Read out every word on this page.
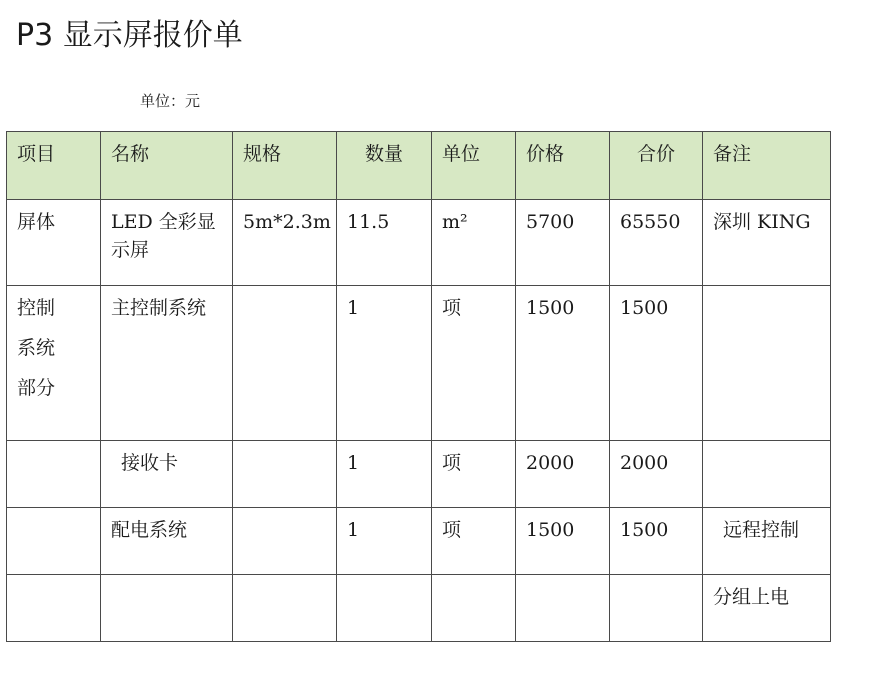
P3 显示屏报价单
单位：元
项目	名称	规格	数量	单位	价格	合价	备注
屏体	LED 全彩显示屏	5m*2.3m	11.5	m²	5700	65550	深圳 KING

控制
系统
部分	主控制系统		1	项	1500	1500	
	接收卡		1	项	2000	2000	
	配电系统		1	项	1500	1500	远程控制
							分组上电
